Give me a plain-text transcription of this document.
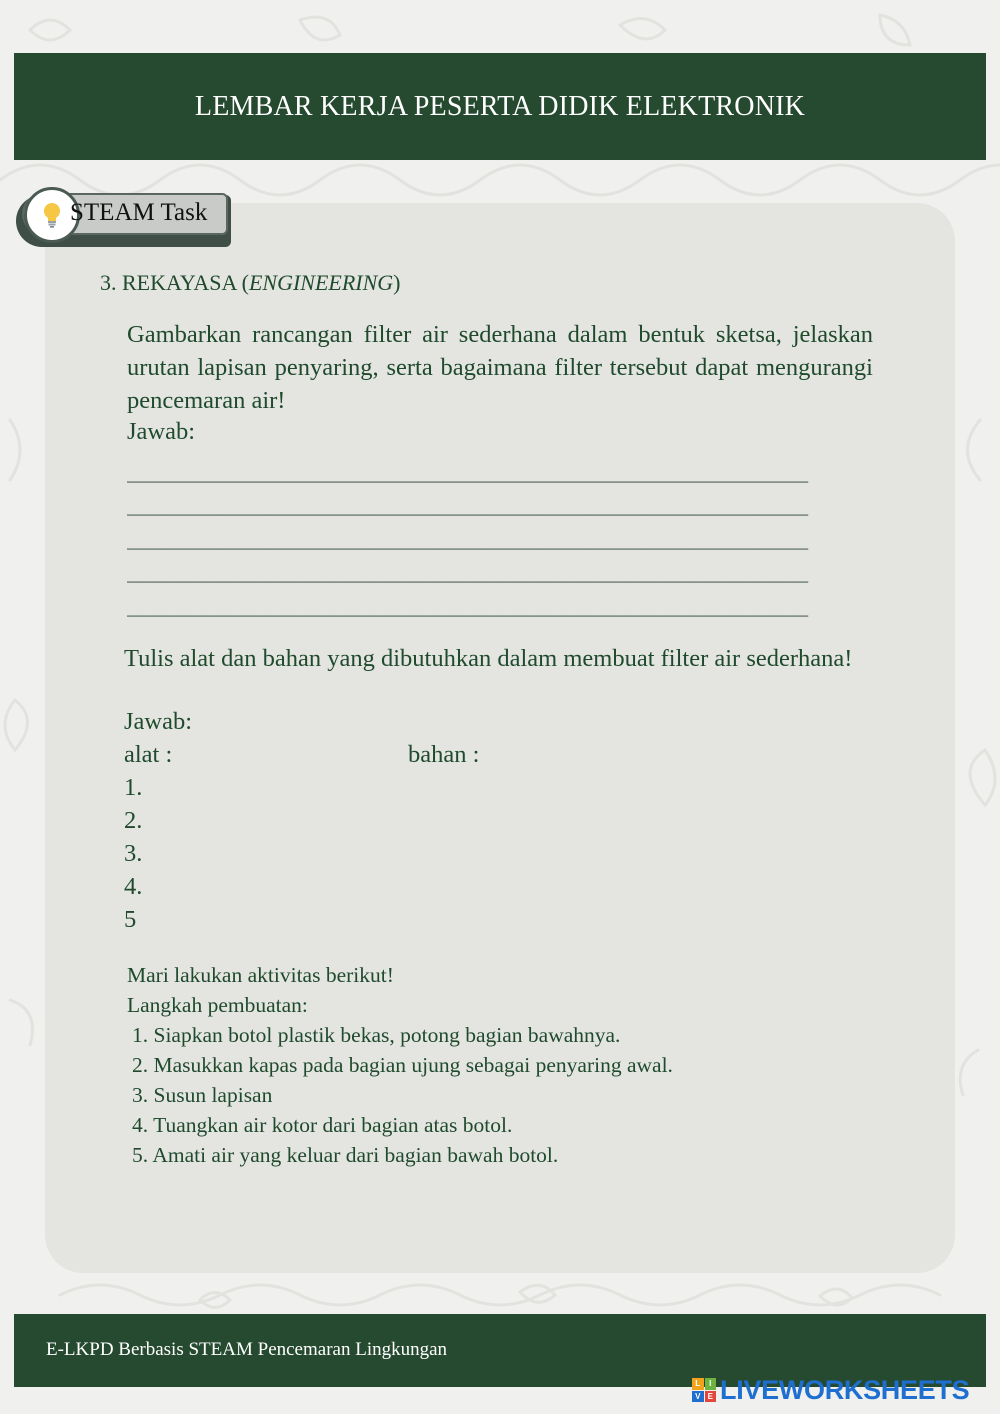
LEMBAR KERJA PESERTA DIDIK ELEKTRONIK
STEAM Task
3. REKAYASA (ENGINEERING)
Gambarkan rancangan filter air sederhana dalam bentuk sketsa, jelaskan urutan lapisan penyaring, serta bagaimana filter tersebut dapat mengurangi pencemaran air!
Jawab:
_____________________________________________________
_____________________________________________________
_____________________________________________________
_____________________________________________________
_____________________________________________________
Tulis alat dan bahan yang dibutuhkan dalam membuat filter air sederhana!
Jawab:
alat :	bahan :
1.
2.
3.
4.
5
Mari lakukan aktivitas berikut!
Langkah pembuatan:
1. Siapkan botol plastik bekas, potong bagian bawahnya.
2. Masukkan kapas pada bagian ujung sebagai penyaring awal.
3. Susun lapisan
4. Tuangkan air kotor dari bagian atas botol.
5. Amati air yang keluar dari bagian bawah botol.
E-LKPD Berbasis STEAM Pencemaran Lingkungan
L	I
V E LIVEWORKSHEETS
